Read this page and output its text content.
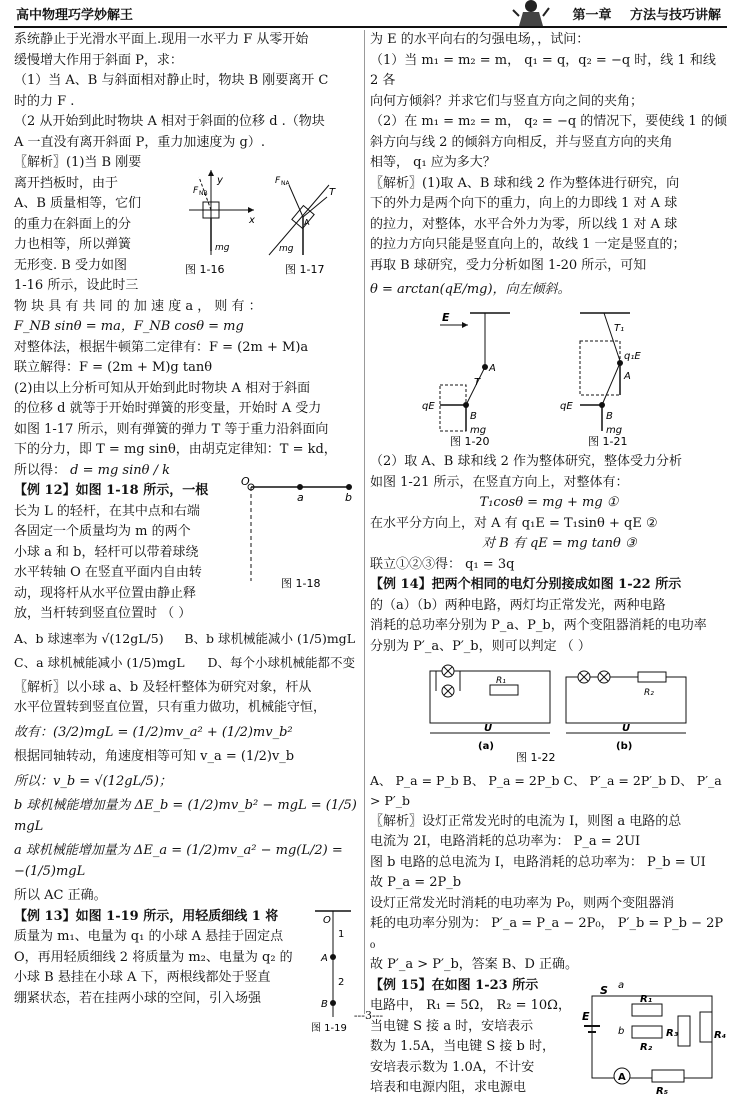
高中物理巧学妙解王	第一章 方法与技巧讲解
系统静止于光滑水平面上.现用一水平力 F 从零开始
缓慢增大作用于斜面 P，求：
（1）当 A、B 与斜面相对静止时，物块 B 刚要离开 C
时的力 F .
（2 从开始到此时物块 A 相对于斜面的位移 d .（物块
A 一直没有离开斜面 P，重力加速度为 g）.
F NB
y
x
mg
图 1-16
F NA
T
A
mg
图 1-17
〖解析〗(1)当 B 刚要
离开挡板时，由于
A、B 质量相等，它们
的重力在斜面上的分
力也相等，所以弹簧
无形变. B 受力如图
1-16 所示，设此时三
物 块 具 有 共 同 的 加 速 度 a ， 则 有 ：
F_NB sinθ = ma，F_NB cosθ = mg
对整体法，根据牛顿第二定律有：F = (2m + M)a
联立解得：F = (2m + M)g tanθ
(2)由以上分析可知从开始到此时物块 A 相对于斜面
的位移 d 就等于开始时弹簧的形变量，开始时 A 受力
如图 1-17 所示，则有弹簧的弹力 T 等于重力沿斜面向
下的分力，即 T = mg sinθ，由胡克定律知：T = kd，
所以得： d = mg sinθ / k
O
a	b
图 1-18
【例 12】如图 1-18 所示，一根
长为 L 的轻杆，在其中点和右端
各固定一个质量均为 m 的两个
小球 a 和 b，轻杆可以带着球绕
水平转轴 O 在竖直平面内自由转
动，现将杆从水平位置由静止释
放，当杆转到竖直位置时 （ ）
A、b 球速率为 √(12gL/5) B、b 球机械能减小 (1/5)mgL
C、a 球机械能减小 (1/5)mgL D、每个小球机械能都不变
〖解析〗以小球 a、b 及轻杆整体为研究对象，杆从
水平位置转到竖直位置，只有重力做功，机械能守恒，
故有：(3/2)mgL = (1/2)mv_a² + (1/2)mv_b²
根据同轴转动，角速度相等可知 v_a = (1/2)v_b
所以：v_b = √(12gL/5)；
b 球机械能增加量为 ΔE_b = (1/2)mv_b² − mgL = (1/5)mgL
a 球机械能增加量为 ΔE_a = (1/2)mv_a² − mg(L/2) = −(1/5)mgL
所以 AC 正确。
O
1
A
2
B
图 1-19
【例 13】如图 1-19 所示，用轻质细线 1 将
质量为 m₁、电量为 q₁ 的小球 A 悬挂于固定点
O，再用轻质细线 2 将质量为 m₂、电量为 q₂ 的
小球 B 悬挂在小球 A 下，两根线都处于竖直
绷紧状态，若在挂两小球的空间，引入场强
为 E 的水平向右的匀强电场，，试问：
（1）当 m₁ = m₂ = m， q₁ = q，q₂ = −q 时，线 1 和线 2 各
向何方倾斜？并求它们与竖直方向之间的夹角；
（2）在 m₁ = m₂ = m， q₂ = −q 的情况下，要使线 1 的倾
斜方向与线 2 的倾斜方向相反，并与竖直方向的夹角
相等， q₁ 应为多大？
〖解析〗(1)取 A、B 球和线 2 作为整体进行研究，向
下的外力是两个向下的重力，向上的力即线 1 对 A 球
的拉力，对整体，水平合外力为零，所以线 1 对 A 球
的拉力方向只能是竖直向上的，故线 1 一定是竖直的；
再取 B 球研究，受力分析如图 1-20 所示，可知
θ = arctan(qE/mg)，向左倾斜。
E
A
B
T
qE
mg
图 1-20
T₁
q₁E
A
B
qE
mg
图 1-21
（2）取 A、B 球和线 2 作为整体研究，整体受力分析
如图 1-21 所示，在竖直方向上，对整体有：
T₁cosθ = mg + mg ①
在水平分方向上，对 A 有 q₁E = T₁sinθ + qE ②
对 B 有 qE = mg tanθ ③
联立①②③得： q₁ = 3q
【例 14】把两个相同的电灯分别接成如图 1-22 所示
的（a）（b）两种电路，两灯均正常发光，两种电路
消耗的总功率分别为 P_a、P_b，两个变阻器消耗的电功率
分别为 P′_a、P′_b，则可以判定 （ ）
R₁
U
(a)
R₂
U
(b)
图 1-22
A、 P_a = P_b B、 P_a = 2P_b C、 P′_a = 2P′_b D、 P′_a > P′_b
〖解析〗设灯正常发光时的电流为 I，则图 a 电路的总
电流为 2I，电路消耗的总功率为： P_a = 2UI
图 b 电路的总电流为 I，电路消耗的总功率为： P_b = UI
故 P_a = 2P_b
设灯正常发光时消耗的电功率为 P₀，则两个变阻器消
耗的电功率分别为： P′_a = P_a − 2P₀， P′_b = P_b − 2P₀
故 P′_a > P′_b，答案 B、D 正确。
E
S a
b
A
R₁
R₂
R₃	R₄
R₅
【例 15】在如图 1-23 所示
电路中， R₁ = 5Ω， R₂ = 10Ω，
当电键 S 接 a 时，安培表示
数为 1.5A，当电键 S 接 b 时，
安培表示数为 1.0A，不计安
培表和电源内阻，求电源电
---3---
